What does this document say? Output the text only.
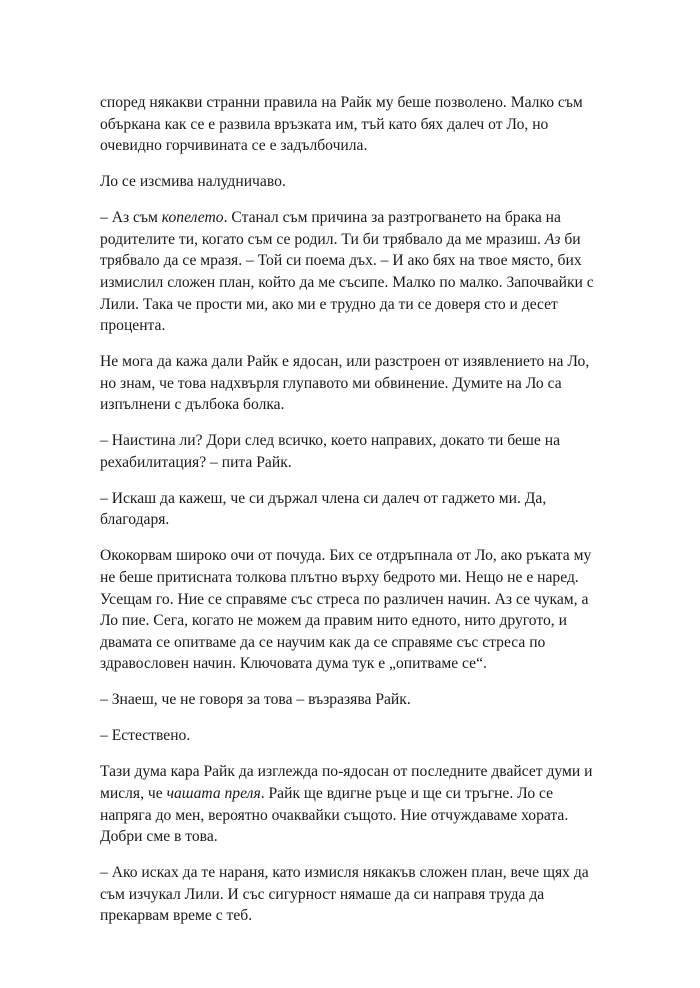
според някакви странни правила на Райк му беше позволено. Малко съм объркана как се е развила връзката им, тъй като бях далеч от Ло, но очевидно горчивината се е задълбочила.

Ло се изсмива налудничаво.

– Аз съм копелето. Станал съм причина за разтрогването на брака на родителите ти, когато съм се родил. Ти би трябвало да ме мразиш. Аз би трябвало да се мразя. – Той си поема дъх. – И ако бях на твое място, бих измислил сложен план, който да ме съсипе. Малко по малко. Започвайки с Лили. Така че прости ми, ако ми е трудно да ти се доверя сто и десет процента.

Не мога да кажа дали Райк е ядосан, или разстроен от изявлението на Ло, но знам, че това надхвърля глупавото ми обвинение. Думите на Ло са изпълнени с дълбока болка.

– Наистина ли? Дори след всичко, което направих, докато ти беше на рехабилитация? – пита Райк.

– Искаш да кажеш, че си държал члена си далеч от гаджето ми. Да, благодаря.

Ококорвам широко очи от почуда. Бих се отдръпнала от Ло, ако ръката му не беше притисната толкова плътно върху бедрото ми. Нещо не е наред. Усещам го. Ние се справяме със стреса по различен начин. Аз се чукам, а Ло пие. Сега, когато не можем да правим нито едното, нито другото, и двамата се опитваме да се научим как да се справяме със стреса по здравословен начин. Ключовата дума тук е „опитваме се“.

– Знаеш, че не говоря за това – възразява Райк.

– Естествено.

Тази дума кара Райк да изглежда по-ядосан от последните двайсет думи и мисля, че чашата преля. Райк ще вдигне ръце и ще си тръгне. Ло се напряга до мен, вероятно очаквайки същото. Ние отчуждаваме хората. Добри сме в това.

– Ако исках да те нараня, като измисля някакъв сложен план, вече щях да съм изчукал Лили. И със сигурност нямаше да си направя труда да прекарвам време с теб.
